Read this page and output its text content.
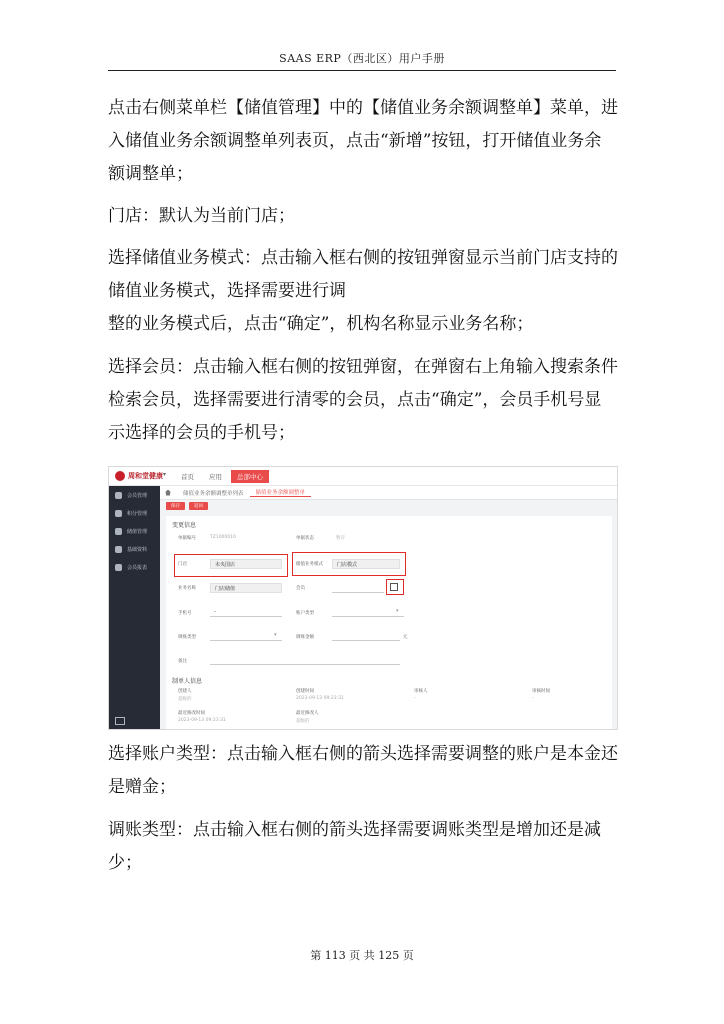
SAAS ERP（西北区）用户手册

点击右侧菜单栏【储值管理】中的【储值业务余额调整单】菜单，进
入储值业务余额调整单列表页，点击“新增”按钮，打开储值业务余
额调整单；

门店：默认为当前门店；

选择储值业务模式：点击输入框右侧的按钮弹窗显示当前门店支持的
储值业务模式，选择需要进行调
整的业务模式后，点击“确定”，机构名称显示业务名称；

选择会员：点击输入框右侧的按钮弹窗，在弹窗右上角输入搜索条件
检索会员，选择需要进行清零的会员，点击“确定”，会员手机号显
示选择的会员的手机号；

周和堂健康 ▾	首页	应用	总部中心
会员管理
积分管理
储值管理
基础资料
会员报表
储值业务余额调整单列表	储值业务余额调整单
保存	返回
变更信息
单据编号	TZ1000010	单据状态	暂存
门店	未央国店	储值业务模式	门店模式
业务名称	门店储值	会员
手机号	-	账户类型	▾
调账类型	▾	调账金额	元
备注
制单人信息
创建人
超级的
创建时间
2023-09-13 09:23:31
审核人
-
审核时间
-
最近修改时间
2023-09-13 09:23:31
最近修改人
超级的

选择账户类型：点击输入框右侧的箭头选择需要调整的账户是本金还
是赠金；

调账类型：点击输入框右侧的箭头选择需要调账类型是增加还是减
少；

第 113 页 共 125 页
